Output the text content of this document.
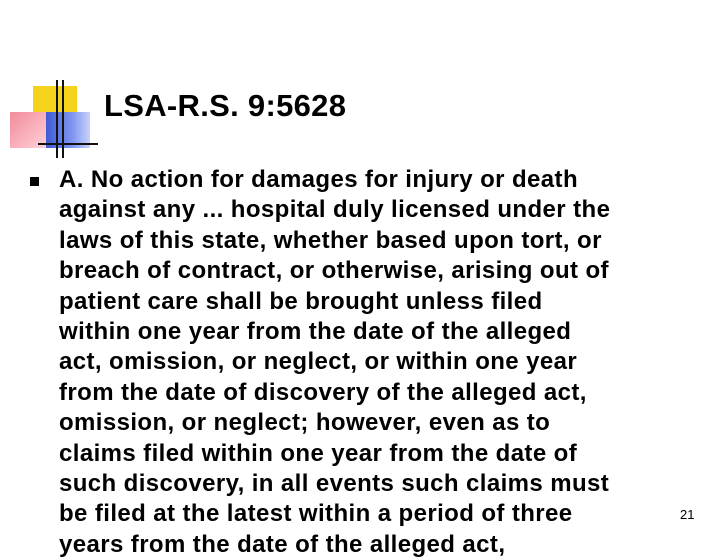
LSA-R.S. 9:5628
A. No action for damages for injury or death
against any ... hospital duly licensed under the
laws of this state, whether based upon tort, or
breach of contract, or otherwise, arising out of
patient care shall be brought unless filed
within one year from the date of the alleged
act, omission, or neglect, or within one year
from the date of discovery of the alleged act,
omission, or neglect; however, even as to
claims filed within one year from the date of
such discovery, in all events such claims must
be filed at the latest within a period of three
years from the date of the alleged act,
21
